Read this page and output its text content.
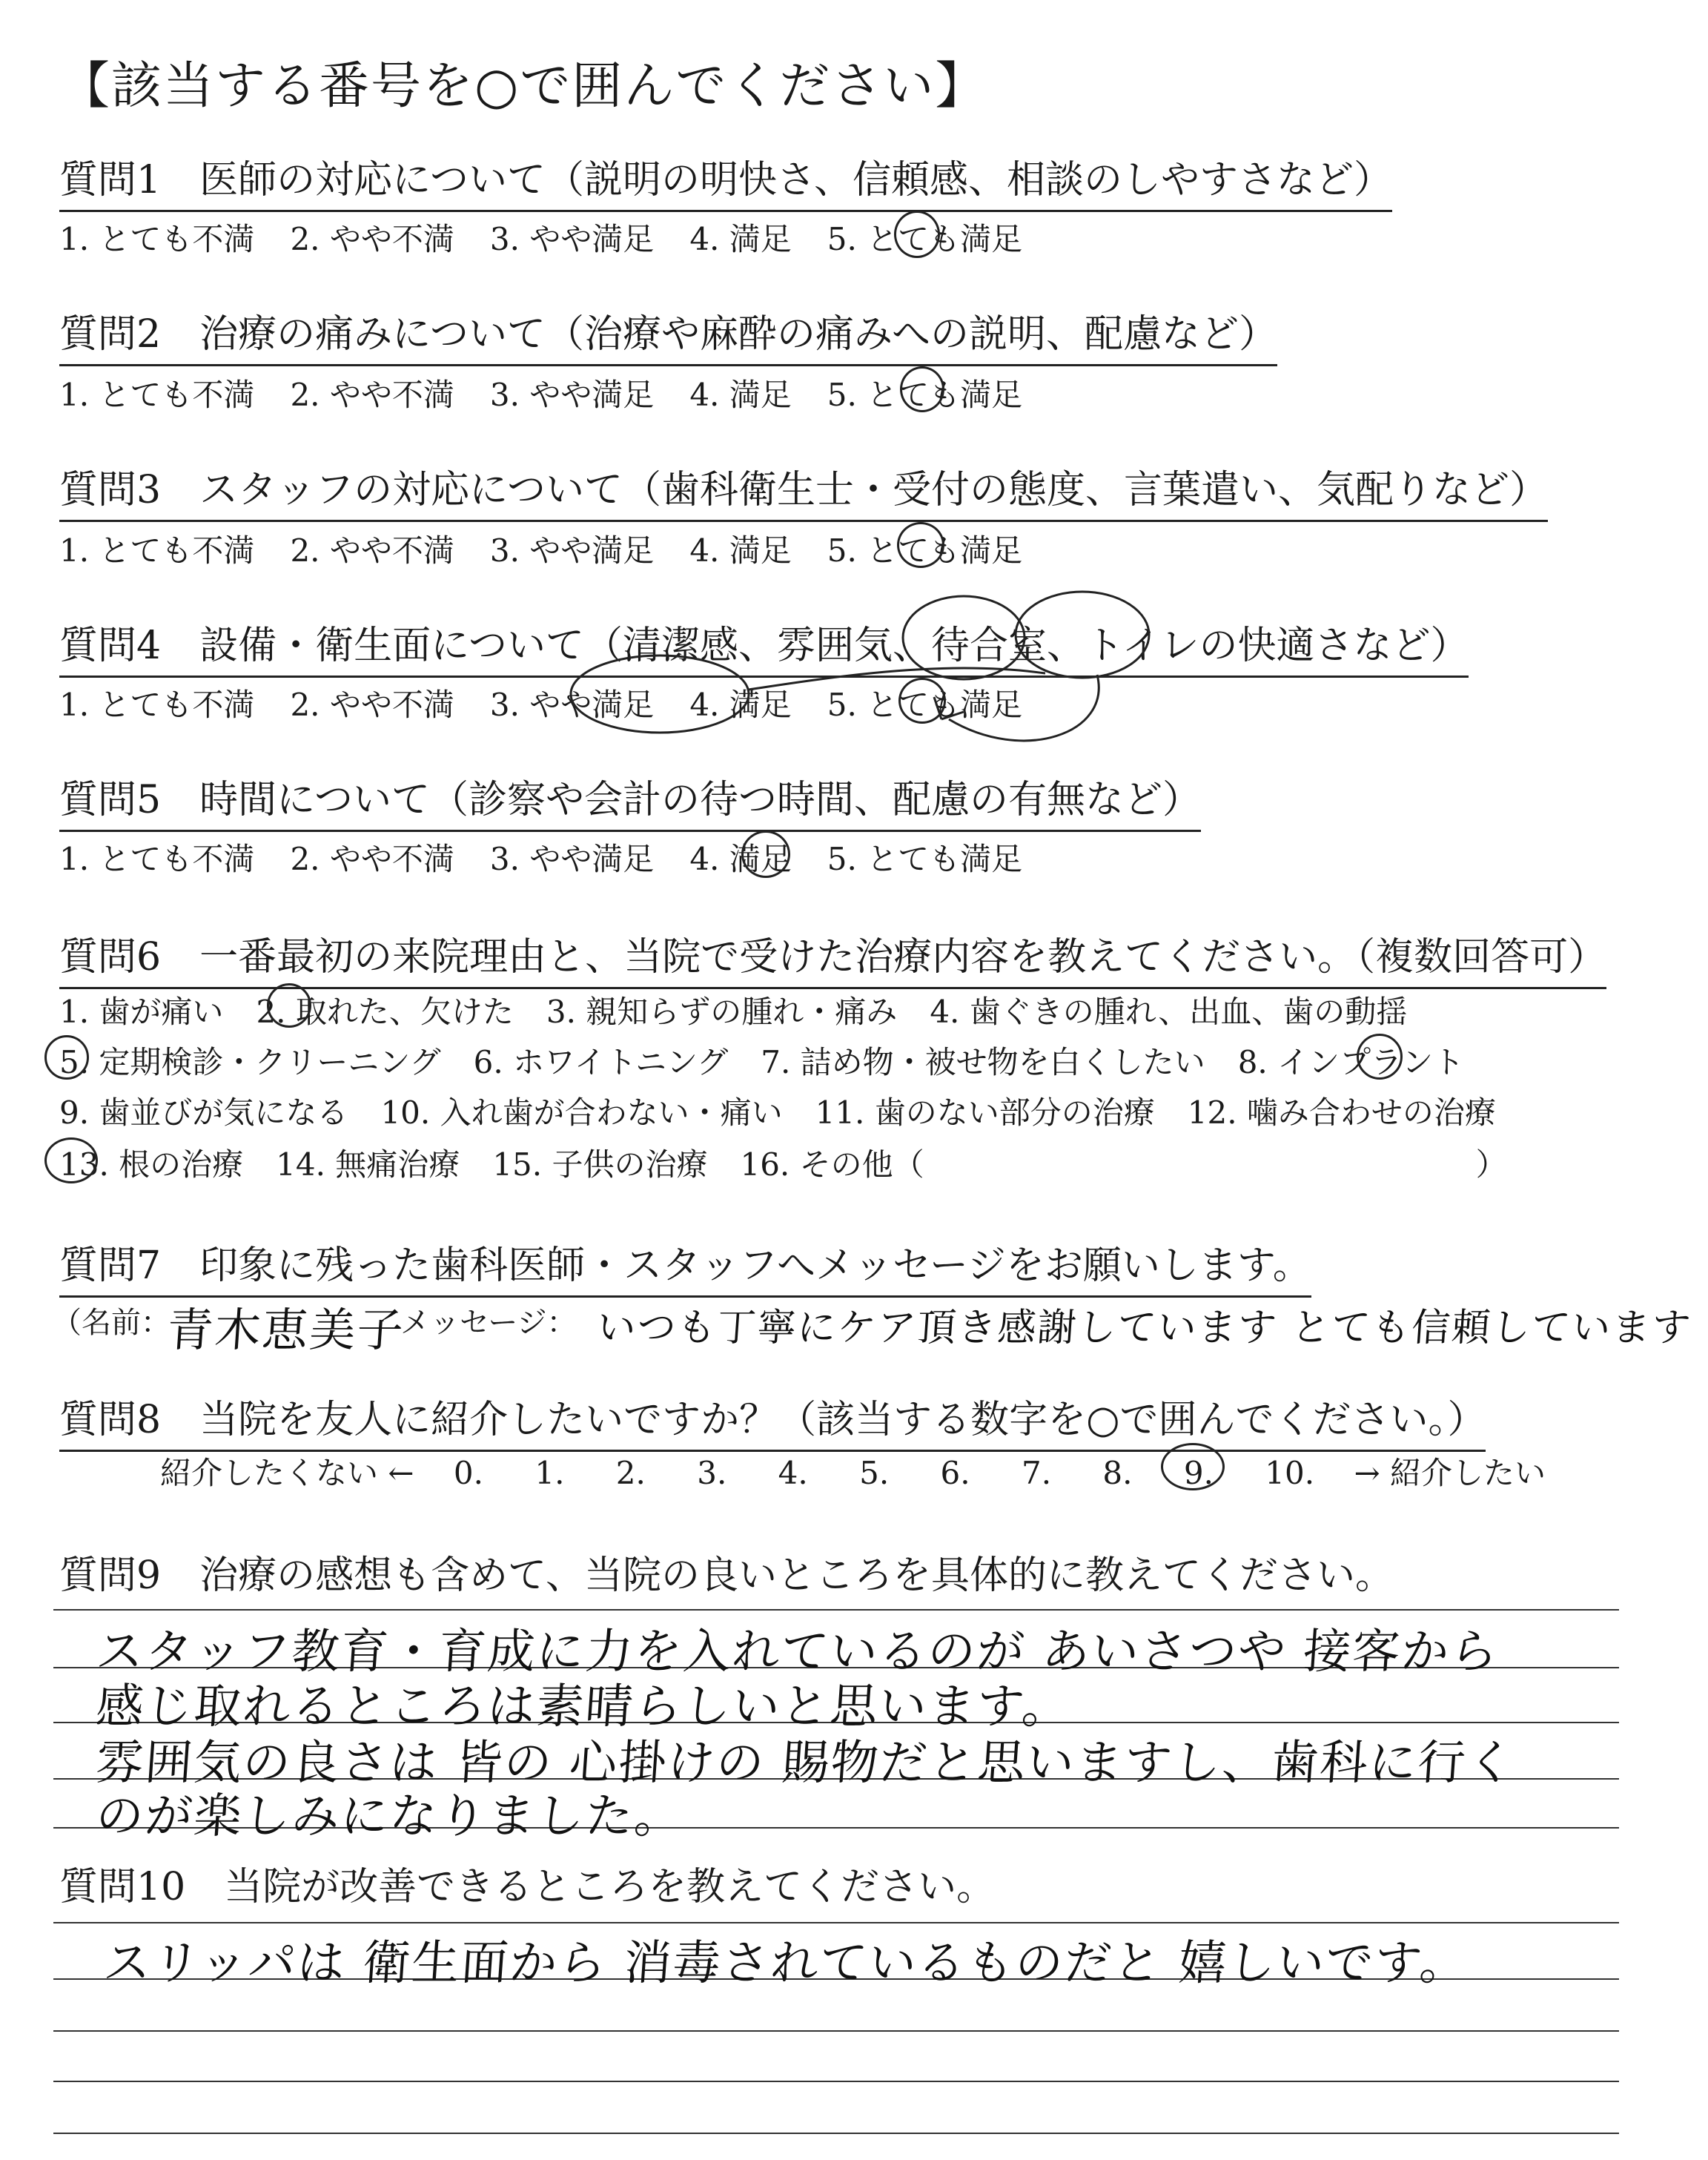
【該当する番号を○で囲んでください】
質問1　医師の対応について（説明の明快さ、信頼感、相談のしやすさなど）
1. とても不満 2. やや不満 3. やや満足 4. 満足 5. とても満足
質問2　治療の痛みについて（治療や麻酔の痛みへの説明、配慮など）
1. とても不満 2. やや不満 3. やや満足 4. 満足 5. とても満足
質問3　スタッフの対応について（歯科衛生士・受付の態度、言葉遣い、気配りなど）
1. とても不満 2. やや不満 3. やや満足 4. 満足 5. とても満足
質問4　設備・衛生面について（清潔感、雰囲気、待合室、トイレの快適さなど）
1. とても不満 2. やや不満 3. やや満足 4. 満足 5. とても満足
質問5　時間について（診察や会計の待つ時間、配慮の有無など）
1. とても不満 2. やや不満 3. やや満足 4. 満足 5. とても満足
質問6　一番最初の来院理由と、当院で受けた治療内容を教えてください。（複数回答可）
1. 歯が痛い 2. 取れた、欠けた 3. 親知らずの腫れ・痛み 4. 歯ぐきの腫れ、出血、歯の動揺
5. 定期検診・クリーニング 6. ホワイトニング 7. 詰め物・被せ物を白くしたい 8. インプラント
9. 歯並びが気になる 10. 入れ歯が合わない・痛い 11. 歯のない部分の治療 12. 噛み合わせの治療
13. 根の治療 14. 無痛治療 15. 子供の治療 16. その他（	）
質問7　印象に残った歯科医師・スタッフへメッセージをお願いします。
（名前：
青木恵美子
メッセージ： いつも丁寧にケア頂き感謝しています とても信頼しています
質問8　当院を友人に紹介したいですか？（該当する数字を○で囲んでください。）
紹介したくない ← 0. 1. 2. 3. 4. 5. 6. 7. 8. 9. 10. → 紹介したい
質問9　治療の感想も含めて、当院の良いところを具体的に教えてください。
スタッフ教育・育成に力を入れているのが あいさつや 接客から
感じ取れるところは素晴らしいと思います。
雰囲気の良さは 皆の 心掛けの 賜物だと思いますし、歯科に行く
のが楽しみになりました。
質問10　当院が改善できるところを教えてください。
スリッパは 衛生面から 消毒されているものだと 嬉しいです。
